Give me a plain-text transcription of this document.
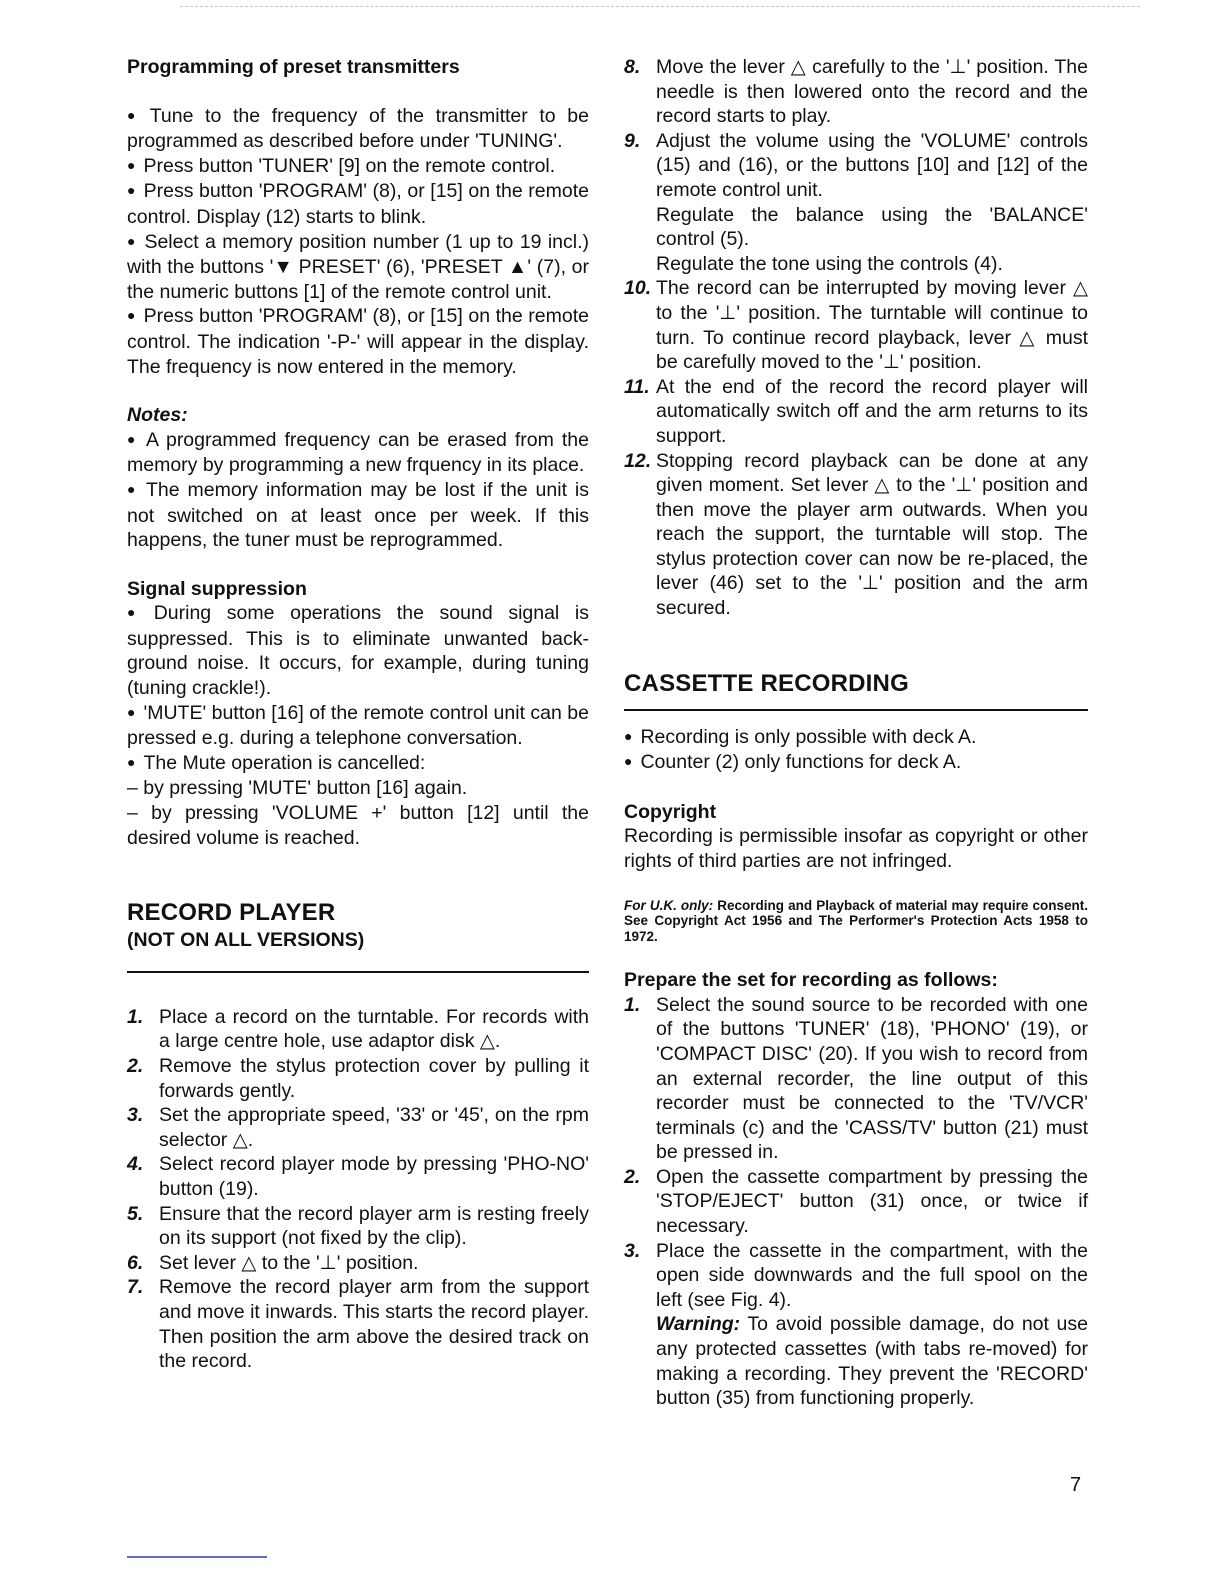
Programming of preset transmitters

● Tune to the frequency of the transmitter to be programmed as described before under 'TUNING'.

● Press button 'TUNER' [9] on the remote control.

● Press button 'PROGRAM' (8), or [15] on the remote control. Display (12) starts to blink.

● Select a memory position number (1 up to 19 incl.) with the buttons '▼ PRESET' (6), 'PRESET ▲' (7), or the numeric buttons [1] of the remote control unit.

● Press button 'PROGRAM' (8), or [15] on the remote control. The indication '-P-' will appear in the display. The frequency is now entered in the memory.

Notes:

● A programmed frequency can be erased from the memory by programming a new frquency in its place.

● The memory information may be lost if the unit is not switched on at least once per week. If this happens, the tuner must be reprogrammed.

Signal suppression

● During some operations the sound signal is suppressed. This is to eliminate unwanted back-ground noise. It occurs, for example, during tuning (tuning crackle!).

● 'MUTE' button [16] of the remote control unit can be pressed e.g. during a telephone conversation.

● The Mute operation is cancelled:

– by pressing 'MUTE' button [16] again.

– by pressing 'VOLUME +' button [12] until the desired volume is reached.

RECORD PLAYER

(NOT ON ALL VERSIONS)

1. Place a record on the turntable. For records with a large centre hole, use adaptor disk △.
2. Remove the stylus protection cover by pulling it forwards gently.
3. Set the appropriate speed, '33' or '45', on the rpm selector △.
4. Select record player mode by pressing 'PHO-NO' button (19).
5. Ensure that the record player arm is resting freely on its support (not fixed by the clip).
6. Set lever △ to the '⊥' position.
7. Remove the record player arm from the support and move it inwards. This starts the record player. Then position the arm above the desired track on the record.
8. Move the lever △ carefully to the '⊥' position. The needle is then lowered onto the record and the record starts to play.
9. Adjust the volume using the 'VOLUME' controls (15) and (16), or the buttons [10] and [12] of the remote control unit.
Regulate the balance using the 'BALANCE' control (5).
Regulate the tone using the controls (4).
10. The record can be interrupted by moving lever △ to the '⊥' position. The turntable will continue to turn. To continue record playback, lever △ must be carefully moved to the '⊥' position.
11. At the end of the record the record player will automatically switch off and the arm returns to its support.
12. Stopping record playback can be done at any given moment. Set lever △ to the '⊥' position and then move the player arm outwards. When you reach the support, the turntable will stop. The stylus protection cover can now be re-placed, the lever (46) set to the '⊥' position and the arm secured.

CASSETTE RECORDING

● Recording is only possible with deck A.

● Counter (2) only functions for deck A.

Copyright

Recording is permissible insofar as copyright or other rights of third parties are not infringed.

For U.K. only: Recording and Playback of material may require consent. See Copyright Act 1956 and The Performer's Protection Acts 1958 to 1972.

Prepare the set for recording as follows:

1. Select the sound source to be recorded with one of the buttons 'TUNER' (18), 'PHONO' (19), or 'COMPACT DISC' (20). If you wish to record from an external recorder, the line output of this recorder must be connected to the 'TV/VCR' terminals (c) and the 'CASS/TV' button (21) must be pressed in.
2. Open the cassette compartment by pressing the 'STOP/EJECT' button (31) once, or twice if necessary.
3. Place the cassette in the compartment, with the open side downwards and the full spool on the left (see Fig. 4).
Warning: To avoid possible damage, do not use any protected cassettes (with tabs re-moved) for making a recording. They prevent the 'RECORD' button (35) from functioning properly.
7
